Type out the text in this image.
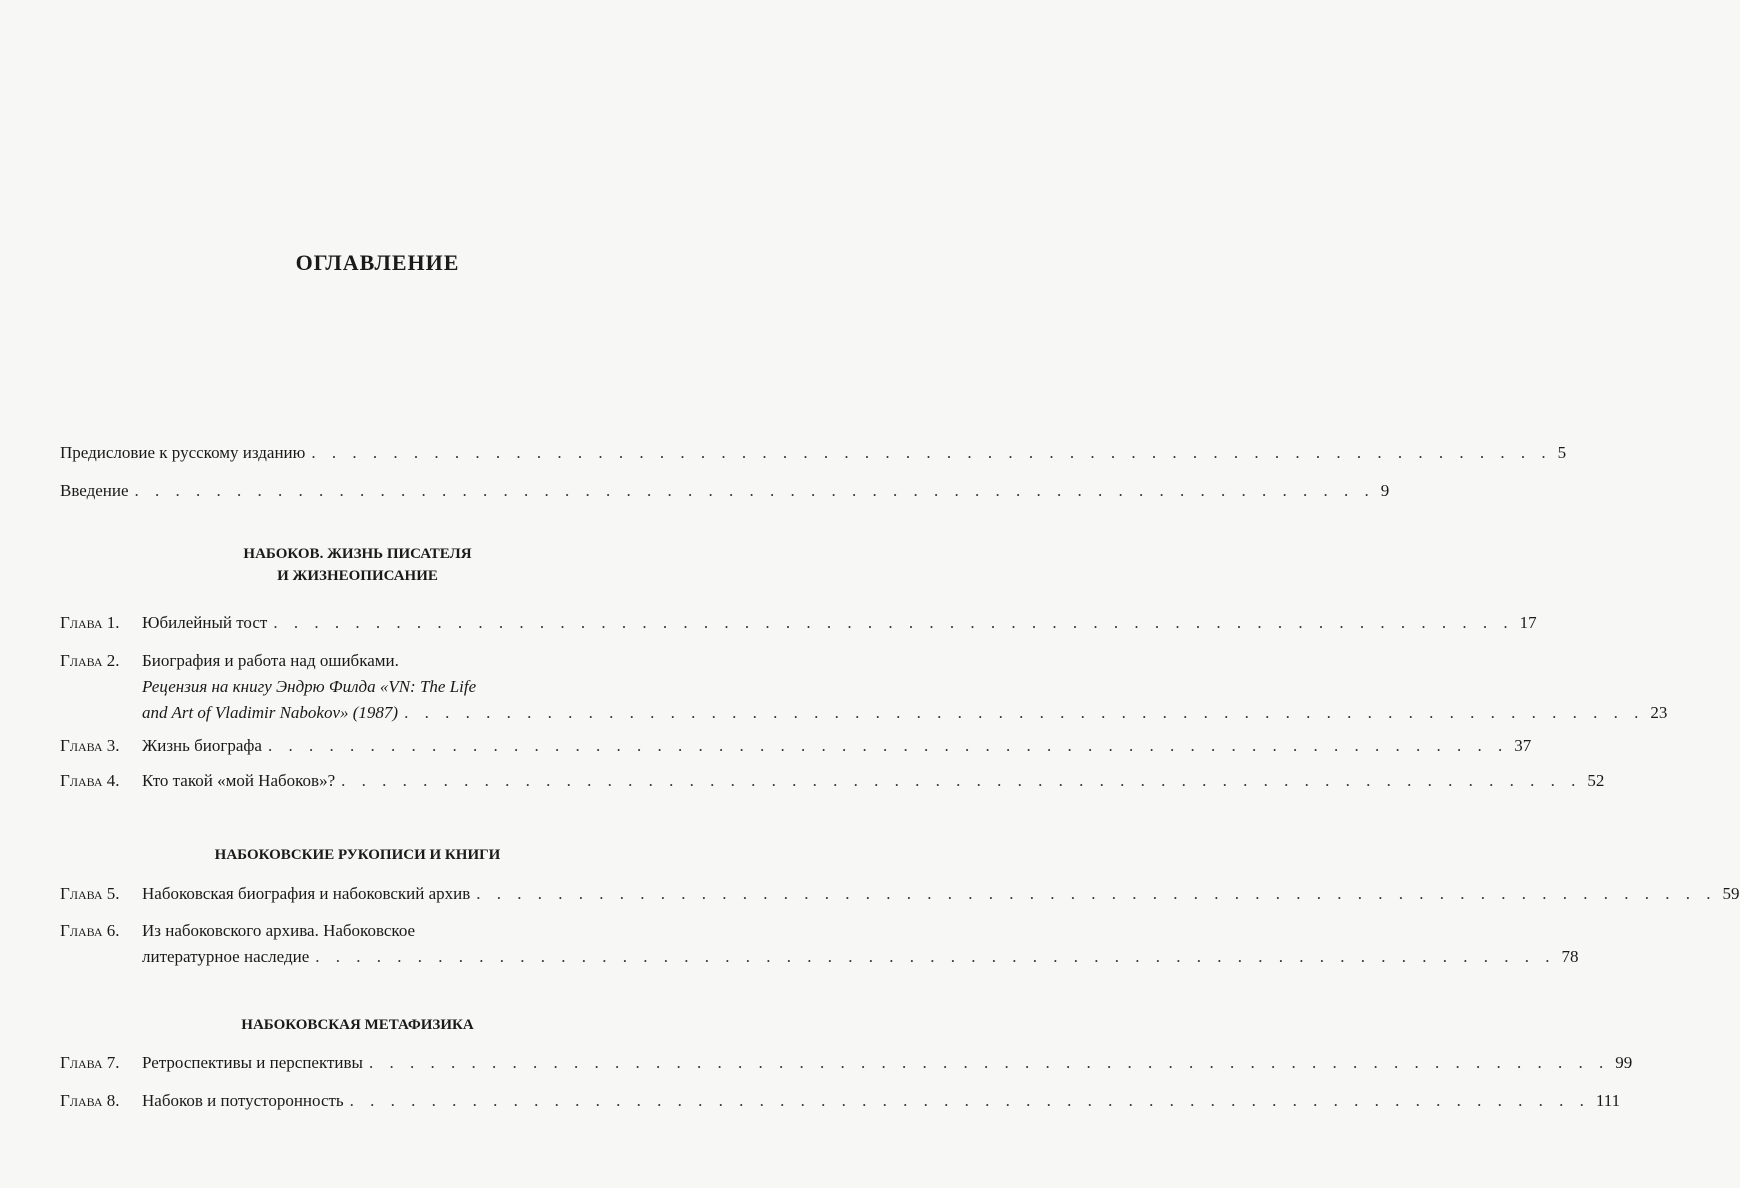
ОГЛАВЛЕНИЕ
Предисловие к русскому изданию . . . . . . . . . . . . . . . . . . . . . . . . . . . . . . . . . . . . . . . . . . . . . . . . . . . . . . . . . . . . . 5
Введение . . . . . . . . . . . . . . . . . . . . . . . . . . . . . . . . . . . . . . . . . . . . . . . . . . . . . . . . . . . . . 9
НАБОКОВ. ЖИЗНЬ ПИСАТЕЛЯ
И ЖИЗНЕОПИСАНИЕ
Глава 1.	Юбилейный тост . . . . . . . . . . . . . . . . . . . . . . . . . . . . . . . . . . . . . . . . . . . . . . . . . . . . . . . . . . . . . 17
Глава 2.	Биография и работа над ошибками.
Рецензия на книгу Эндрю Филда «VN: The Life
and Art of Vladimir Nabokov» (1987) . . . . . . . . . . . . . . . . . . . . . . . . . . . . . . . . . . . . . . . . . . . . . . . . . . . . . . . . . . . . . 23
Глава 3.	Жизнь биографа . . . . . . . . . . . . . . . . . . . . . . . . . . . . . . . . . . . . . . . . . . . . . . . . . . . . . . . . . . . . . 37
Глава 4.	Кто такой «мой Набоков»? . . . . . . . . . . . . . . . . . . . . . . . . . . . . . . . . . . . . . . . . . . . . . . . . . . . . . . . . . . . . . 52
НАБОКОВСКИЕ РУКОПИСИ И КНИГИ
Глава 5.	Набоковская биография и набоковский архив . . . . . . . . . . . . . . . . . . . . . . . . . . . . . . . . . . . . . . . . . . . . . . . . . . . . . . . . . . . . . 59
Глава 6.	Из набоковского архива. Набоковское
литературное наследие . . . . . . . . . . . . . . . . . . . . . . . . . . . . . . . . . . . . . . . . . . . . . . . . . . . . . . . . . . . . . 78
НАБОКОВСКАЯ МЕТАФИЗИКА
Глава 7.	Ретроспективы и перспективы . . . . . . . . . . . . . . . . . . . . . . . . . . . . . . . . . . . . . . . . . . . . . . . . . . . . . . . . . . . . . 99
Глава 8.	Набоков и потусторонность . . . . . . . . . . . . . . . . . . . . . . . . . . . . . . . . . . . . . . . . . . . . . . . . . . . . . . . . . . . . . 111
